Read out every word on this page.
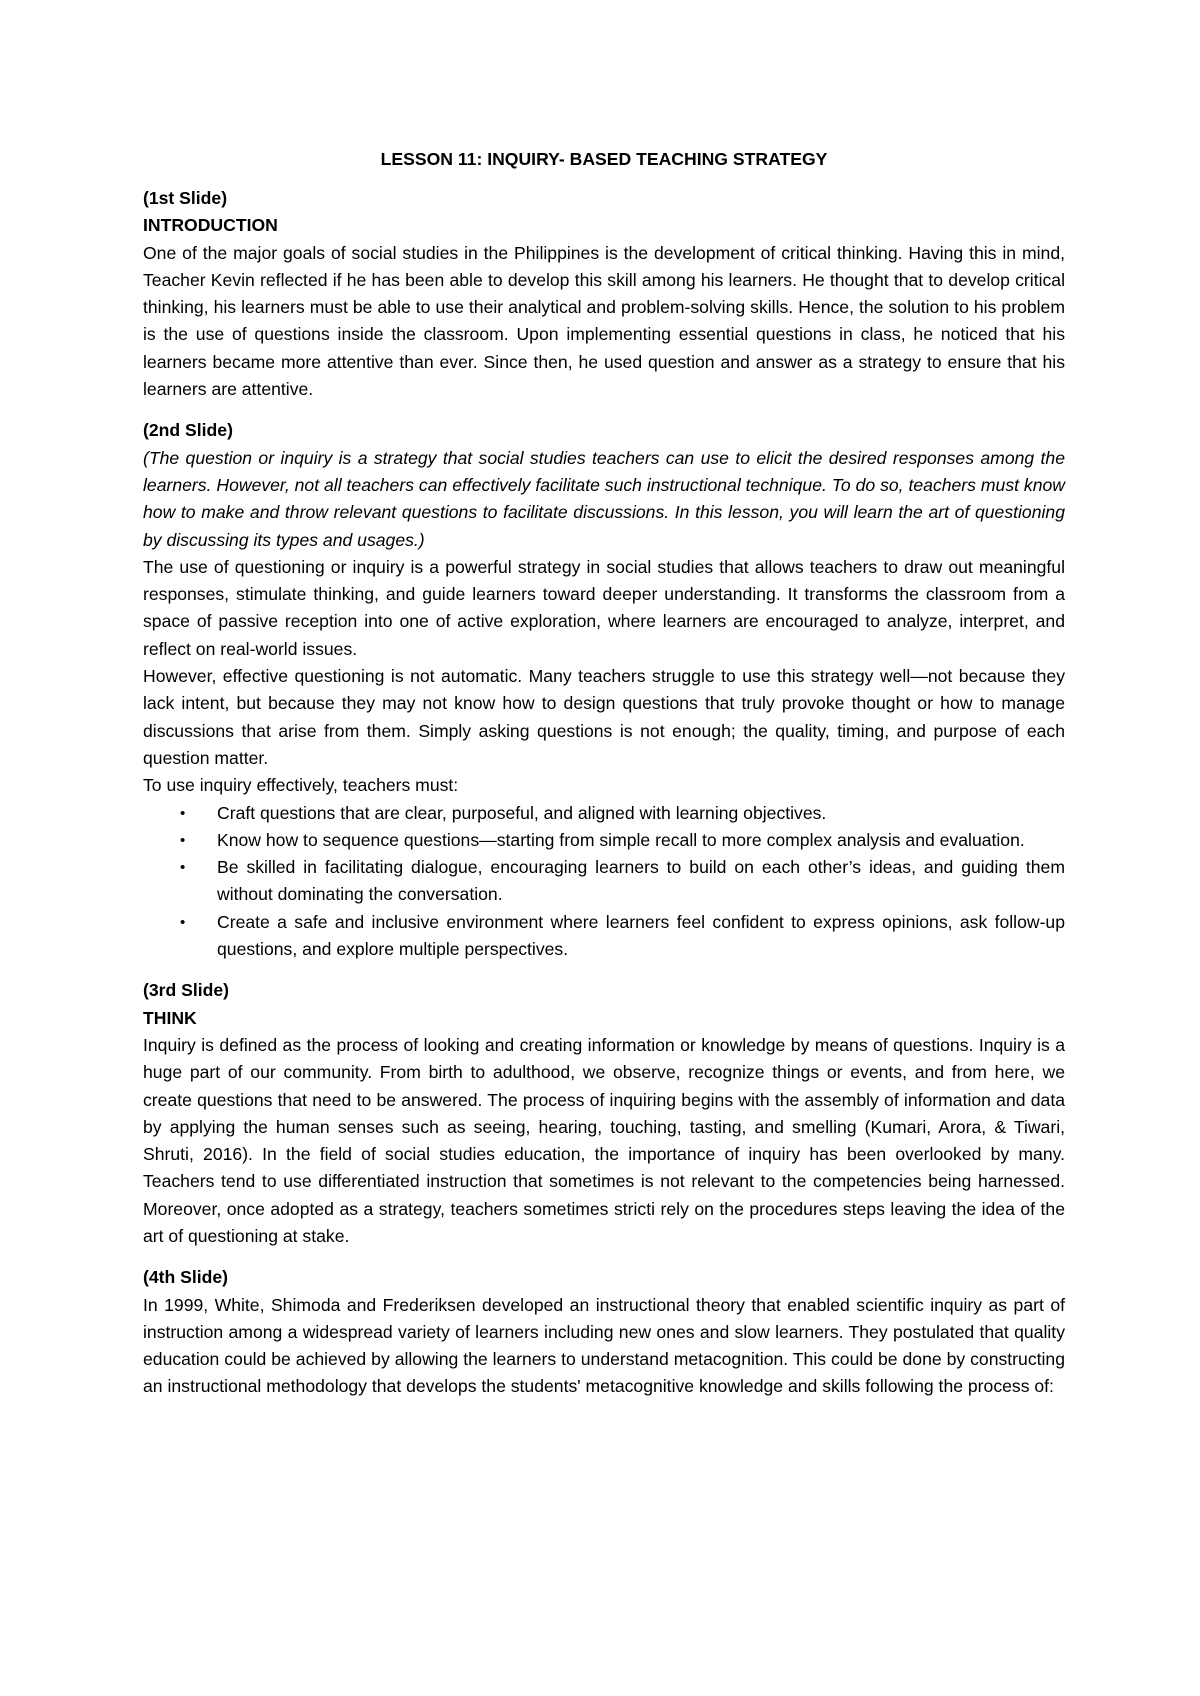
LESSON 11: INQUIRY- BASED TEACHING STRATEGY
(1st Slide)
INTRODUCTION

One of the major goals of social studies in the Philippines is the development of critical thinking. Having this in mind, Teacher Kevin reflected if he has been able to develop this skill among his learners. He thought that to develop critical thinking, his learners must be able to use their analytical and problem-solving skills. Hence, the solution to his problem is the use of questions inside the classroom. Upon implementing essential questions in class, he noticed that his learners became more attentive than ever. Since then, he used question and answer as a strategy to ensure that his learners are attentive.

(2nd Slide)

(The question or inquiry is a strategy that social studies teachers can use to elicit the desired responses among the learners. However, not all teachers can effectively facilitate such instructional technique. To do so, teachers must know how to make and throw relevant questions to facilitate discussions. In this lesson, you will learn the art of questioning by discussing its types and usages.)

The use of questioning or inquiry is a powerful strategy in social studies that allows teachers to draw out meaningful responses, stimulate thinking, and guide learners toward deeper understanding. It transforms the classroom from a space of passive reception into one of active exploration, where learners are encouraged to analyze, interpret, and reflect on real-world issues.

However, effective questioning is not automatic. Many teachers struggle to use this strategy well—not because they lack intent, but because they may not know how to design questions that truly provoke thought or how to manage discussions that arise from them. Simply asking questions is not enough; the quality, timing, and purpose of each question matter.

To use inquiry effectively, teachers must:

• Craft questions that are clear, purposeful, and aligned with learning objectives.
• Know how to sequence questions—starting from simple recall to more complex analysis and evaluation.
• Be skilled in facilitating dialogue, encouraging learners to build on each other’s ideas, and guiding them without dominating the conversation.
• Create a safe and inclusive environment where learners feel confident to express opinions, ask follow-up questions, and explore multiple perspectives.
(3rd Slide)
THINK

Inquiry is defined as the process of looking and creating information or knowledge by means of questions. Inquiry is a huge part of our community. From birth to adulthood, we observe, recognize things or events, and from here, we create questions that need to be answered. The process of inquiring begins with the assembly of information and data by applying the human senses such as seeing, hearing, touching, tasting, and smelling (Kumari, Arora, & Tiwari, Shruti, 2016). In the field of social studies education, the importance of inquiry has been overlooked by many. Teachers tend to use differentiated instruction that sometimes is not relevant to the competencies being harnessed. Moreover, once adopted as a strategy, teachers sometimes stricti rely on the procedures steps leaving the idea of the art of questioning at stake.

(4th Slide)

In 1999, White, Shimoda and Frederiksen developed an instructional theory that enabled scientific inquiry as part of instruction among a widespread variety of learners including new ones and slow learners. They postulated that quality education could be achieved by allowing the learners to understand metacognition. This could be done by constructing an instructional methodology that develops the students' metacognitive knowledge and skills following the process of:
